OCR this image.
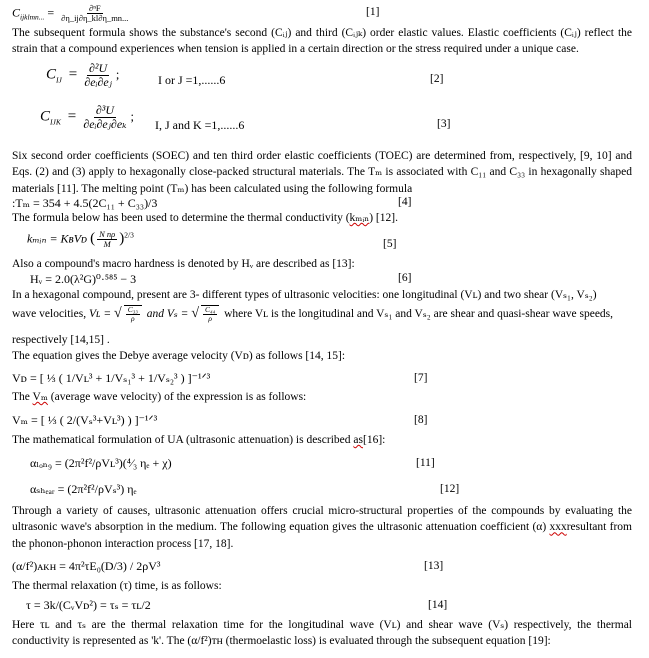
$C_{ijklmn...} = \frac{\text{∂ⁿF}}{\partial\eta\_ij\partial\eta\_kl\partial\eta\_mn...}$	[1]
The subsequent formula shows the substance's second (Cᵢⱼ) and third (Cᵢⱼₖ) order elastic values. Elastic coefficients (Cᵢⱼ) reflect the strain that a compound experiences when tension is applied in a certain direction or the stress required under a unique case.
$C_{IJ} = \frac{\text{∂²U}}{\text{∂eᵢ∂eⱼ}}$ ;	I or J =1,......6	[2]
$C_{IJK} = \frac{\text{∂³U}}{\text{∂eᵢ∂eⱼ∂eₖ}}$ ;
I, J and K =1,......6	[3]
Six second order coefficients (SOEC) and ten third order elastic coefficients (TOEC) are determined from, respectively, [9, 10] and Eqs. (2) and (3) apply to hexagonally close-packed structural materials. The Tₘ is associated with C₁₁ and C₃₃ in hexagonally shaped materials [11]. The melting point (Tₘ) has been calculated using the following formula
:Tₘ = 354 + 4.5(2C₁₁ + C₃₃)/3	[4]
The formula below has been used to determine the thermal conductivity (kₘᵢₙ) [12].
kₘᵢₙ = KʙVᴅ ( $\frac{\text{N nρ}}{M} )^{2/3}$
[5]
Also a compound's macro hardness is denoted by Hᵥ are described as [13]:
Hᵥ = 2.0(λ²G)⁰·⁵⁸⁵ − 3	[6]
In a hexagonal compound, present are 3- different types of ultrasonic velocities: one longitudinal (Vʟ) and two shear (Vₛ₁, Vₛ₂)
wave velocities, Vʟ = √ $\frac{\text{C₃₃}}{\rho}$ and Vₛ = √ $\frac{\text{C₄₄}}{\rho}$ where Vʟ is the longitudinal and Vₛ₁ and Vₛ₂ are shear and quasi-shear wave speeds,
respectively [14,15] .
The equation gives the Debye average velocity (Vᴅ) as follows [14, 15]:
Vᴅ = [ ⅓ ( 1/Vʟ³ + 1/Vₛ₁³ + 1/Vₛ₂³ ) ]⁻¹ᐟ³	[7]
The Vₘ (average wave velocity) of the expression is as follows:
Vₘ = [ ⅓ ( 2/(Vₛ³+Vʟ³) ) ]⁻¹ᐟ³	[8]
The mathematical formulation of UA (ultrasonic attenuation) is described as[16]:
αₗₒₙ₉ = (2π²f²/ρVʟ³)(⁴⁄₃ ηₑ + χ)	[11]
αₛₕₑₐᵣ = (2π²f²/ρVₛ³) ηₑ	[12]
Through a variety of causes, ultrasonic attenuation offers crucial micro-structural properties of the compounds by evaluating the ultrasonic wave's absorption in the medium. The following equation gives the ultrasonic attenuation coefficient (α) xxxresultant from the phonon-phonon interaction process [17, 18].
(α/f²)ᴀᴋʜ = 4π²τE₀(D/3) / 2ρV³	[13]
The thermal relaxation (τ) time, is as follows:
τ = 3k/(CᵥVᴅ²) = τₛ = τʟ/2	[14]
Here τʟ and τₛ are the thermal relaxation time for the longitudinal wave (Vʟ) and shear wave (Vₛ) respectively, the thermal conductivity is represented as 'k'. The (α/f²)ᴛʜ (thermoelastic loss) is evaluated through the subsequent equation [19]:
